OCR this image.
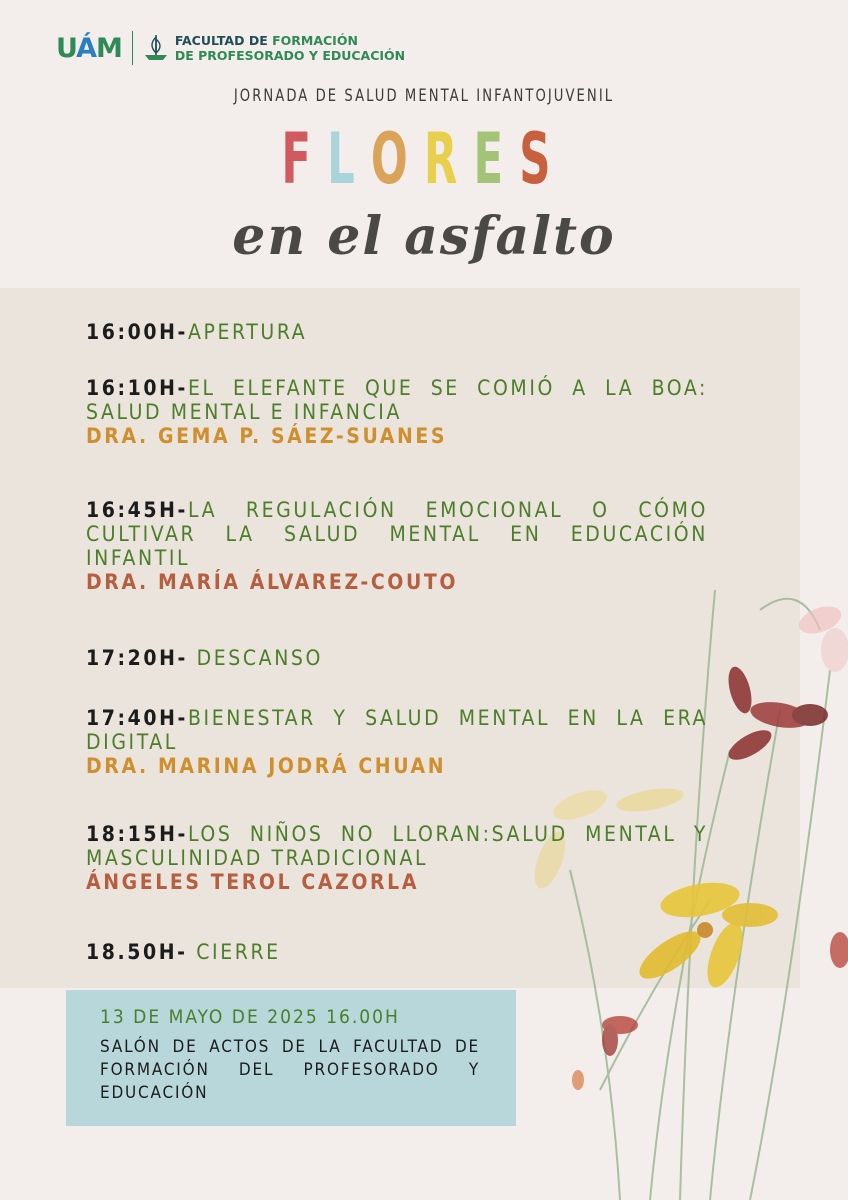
UÁM	FACULTAD DE FORMACIÓN
DE PROFESORADO Y EDUCACIÓN
JORNADA DE SALUD MENTAL INFANTOJUVENIL
FLORES
en el asfalto
16:00H-APERTURA
16:10H-EL ELEFANTE QUE SE COMIÓ A LA BOA: SALUD MENTAL E INFANCIA
DRA. GEMA P. SÁEZ-SUANES
16:45H-LA REGULACIÓN EMOCIONAL O CÓMO CULTIVAR LA SALUD MENTAL EN EDUCACIÓN INFANTIL
DRA. MARÍA ÁLVAREZ-COUTO
17:20H- DESCANSO
17:40H-BIENESTAR Y SALUD MENTAL EN LA ERA DIGITAL
DRA. MARINA JODRÁ CHUAN
18:15H-LOS NIÑOS NO LLORAN:SALUD MENTAL Y MASCULINIDAD TRADICIONAL
ÁNGELES TEROL CAZORLA
18.50H- CIERRE
13 DE MAYO DE 2025 16.00H
SALÓN DE ACTOS DE LA FACULTAD DE FORMACIÓN DEL PROFESORADO Y EDUCACIÓN
